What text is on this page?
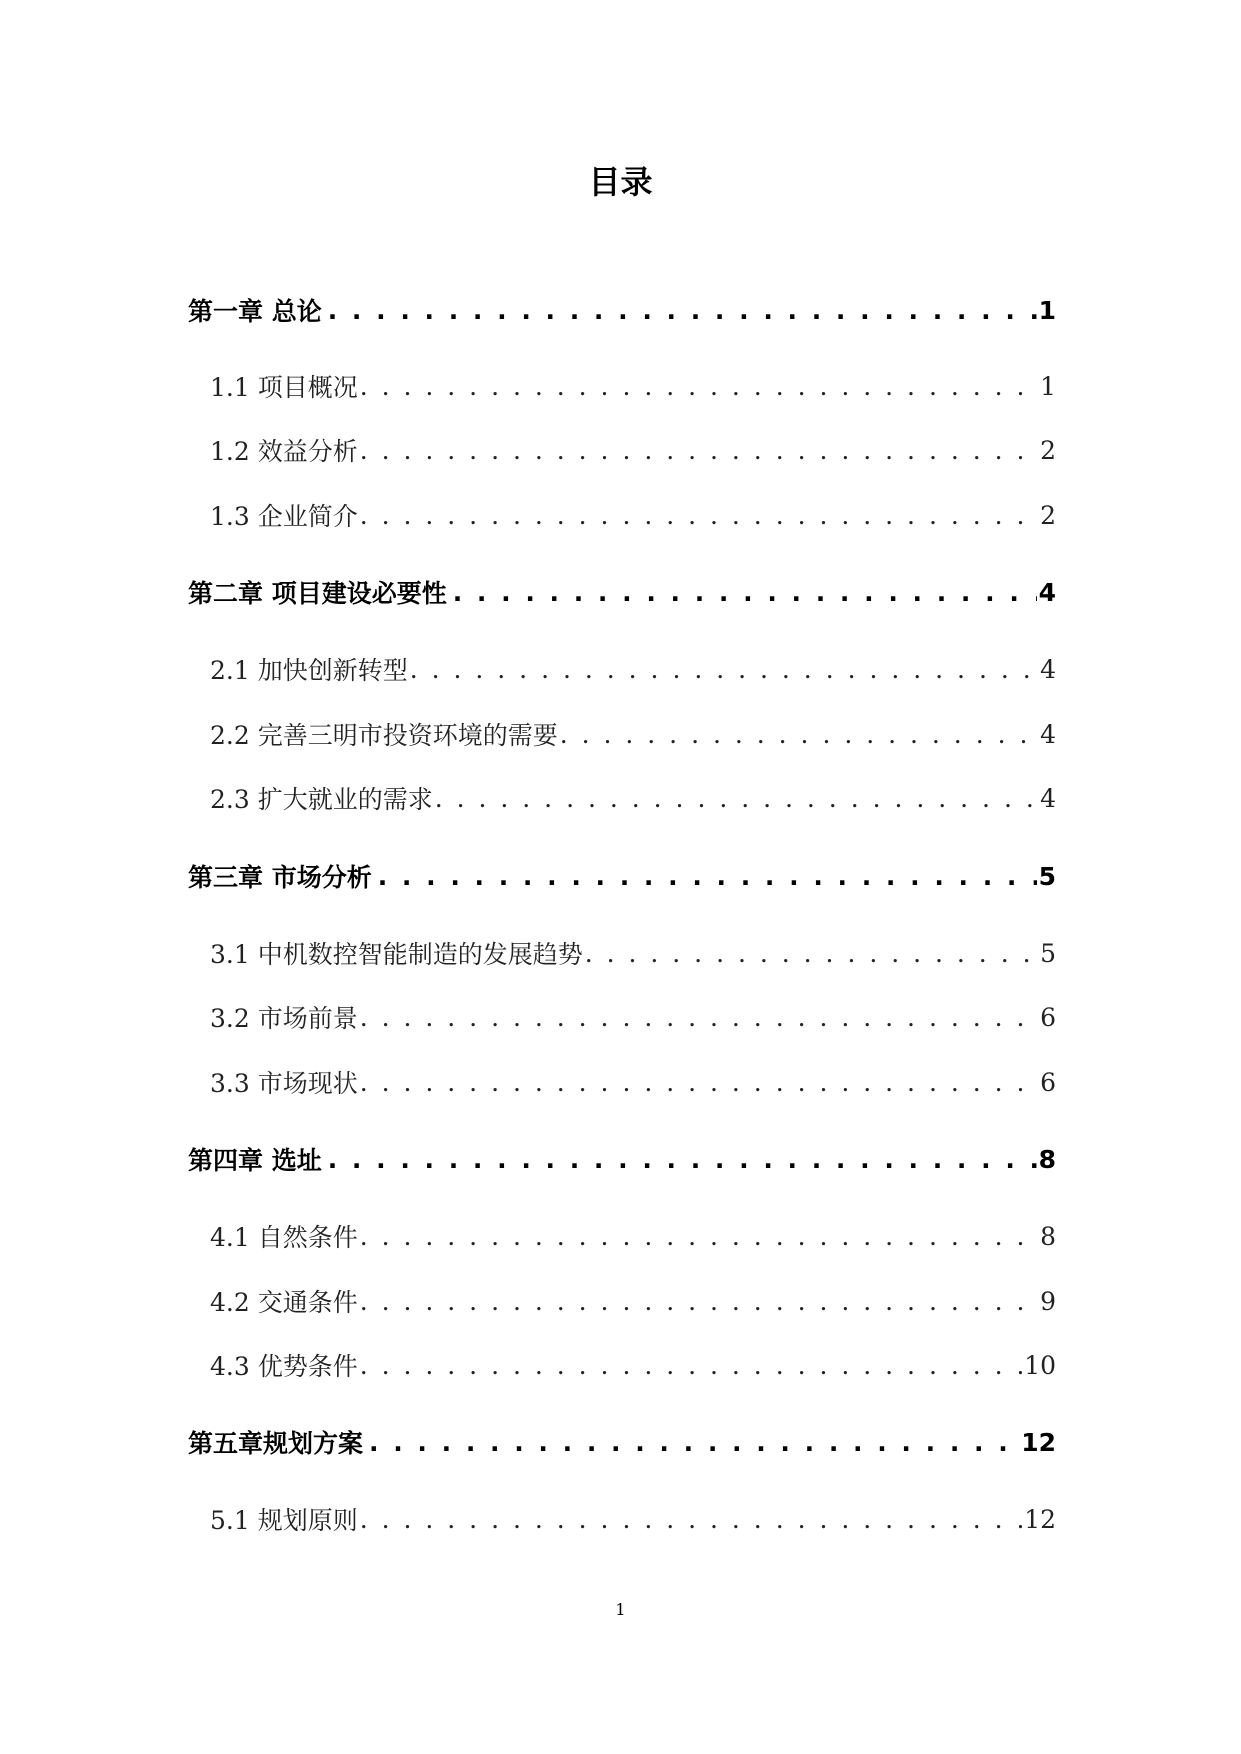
目录
第一章 总论 . . .	1
1.1 项目概况 . . .	1
1.2 效益分析 . . .	2
1.3 企业简介 . . .	2
第二章 项目建设必要性 . . .	4
2.1 加快创新转型 . . .	4
2.2 完善三明市投资环境的需要 . . .	4
2.3 扩大就业的需求 . . .	4
第三章 市场分析 . . .	5
3.1 中机数控智能制造的发展趋势 . . .	5
3.2 市场前景 . . .	6
3.3 市场现状 . . .	6
第四章 选址 . . .	8
4.1 自然条件 . . .	8
4.2 交通条件 . . .	9
4.3 优势条件 . . .	10
第五章规划方案 . . .	12
5.1 规划原则 . . .	12
1
